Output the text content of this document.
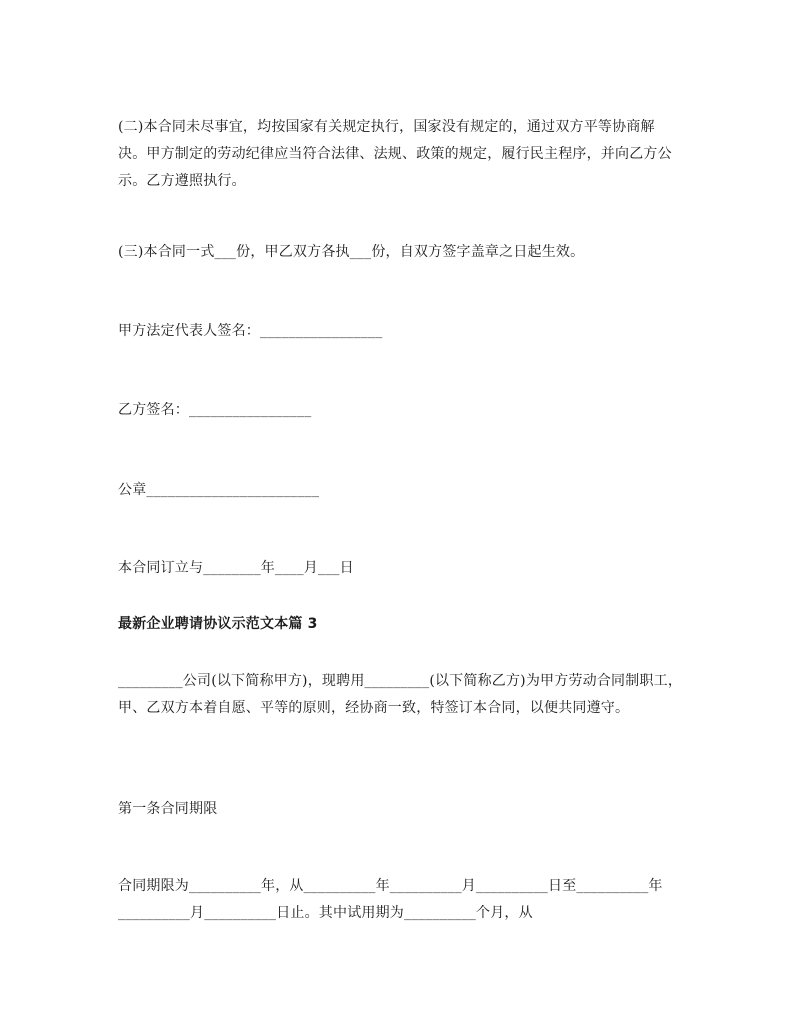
(二)本合同未尽事宜，均按国家有关规定执行，国家没有规定的，通过双方平等协商解决。甲方制定的劳动纪律应当符合法律、法规、政策的规定，履行民主程序，并向乙方公示。乙方遵照执行。
(三)本合同一式___份，甲乙双方各执___份，自双方签字盖章之日起生效。
甲方法定代表人签名：_________________
乙方签名：_________________
公章________________________
本合同订立与________年____月___日
最新企业聘请协议示范文本篇 3
_________公司(以下简称甲方)，现聘用_________(以下简称乙方)为甲方劳动合同制职工，甲、乙双方本着自愿、平等的原则，经协商一致，特签订本合同，以便共同遵守。
第一条合同期限
合同期限为__________年，从__________年__________月__________日至__________年__________月__________日止。其中试用期为__________个月，从
